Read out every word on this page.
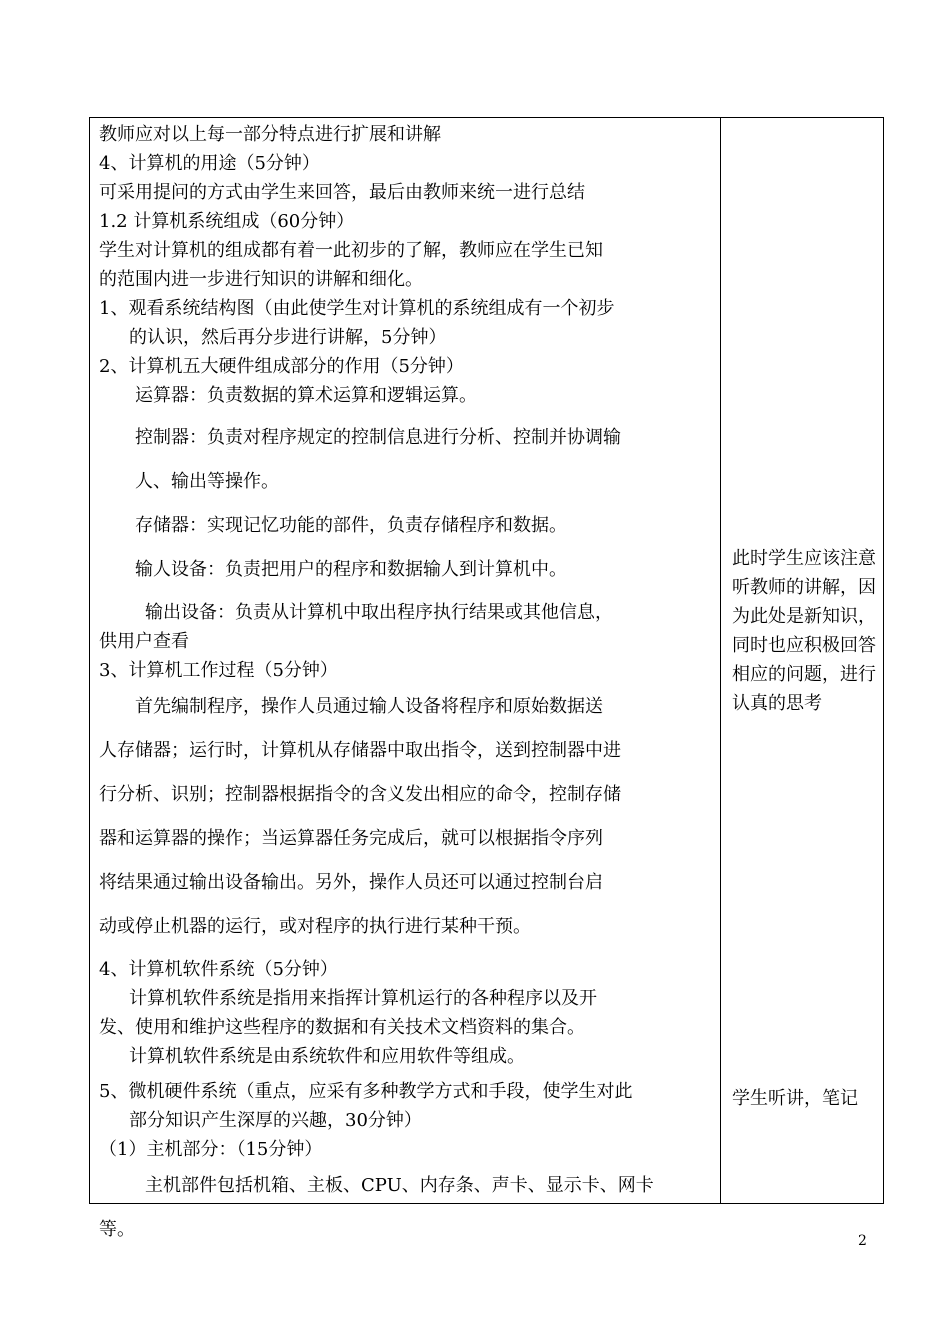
教师应对以上每一部分特点进行扩展和讲解
4、计算机的用途（5分钟）
可采用提问的方式由学生来回答，最后由教师来统一进行总结
1.2 计算机系统组成（60分钟）
学生对计算机的组成都有着一此初步的了解，教师应在学生已知
的范围内进一步进行知识的讲解和细化。
1、观看系统结构图（由此使学生对计算机的系统组成有一个初步
的认识，然后再分步进行讲解，5分钟）
2、计算机五大硬件组成部分的作用（5分钟）
运算器：负责数据的算术运算和逻辑运算。
控制器：负责对程序规定的控制信息进行分析、控制并协调输
人、输出等操作。
存储器：实现记忆功能的部件，负责存储程序和数据。
输人设备：负责把用户的程序和数据输人到计算机中。
输出设备：负责从计算机中取出程序执行结果或其他信息，
供用户查看
3、计算机工作过程（5分钟）
首先编制程序，操作人员通过输人设备将程序和原始数据送
人存储器；运行时，计算机从存储器中取出指令，送到控制器中进
行分析、识别；控制器根据指令的含义发出相应的命令，控制存储
器和运算器的操作；当运算器任务完成后，就可以根据指令序列
将结果通过输出设备输出。另外，操作人员还可以通过控制台启
动或停止机器的运行，或对程序的执行进行某种干预。
4、计算机软件系统（5分钟）
计算机软件系统是指用来指挥计算机运行的各种程序以及开
发、使用和维护这些程序的数据和有关技术文档资料的集合。
计算机软件系统是由系统软件和应用软件等组成。
5、微机硬件系统（重点，应采有多种教学方式和手段，使学生对此
部分知识产生深厚的兴趣，30分钟）
（1）主机部分：（15分钟）
主机部件包括机箱、主板、CPU、内存条、声卡、显示卡、网卡
等。
此时学生应该注意听教师的讲解，因为此处是新知识，同时也应积极回答相应的问题，进行认真的思考
学生听讲，笔记
2
